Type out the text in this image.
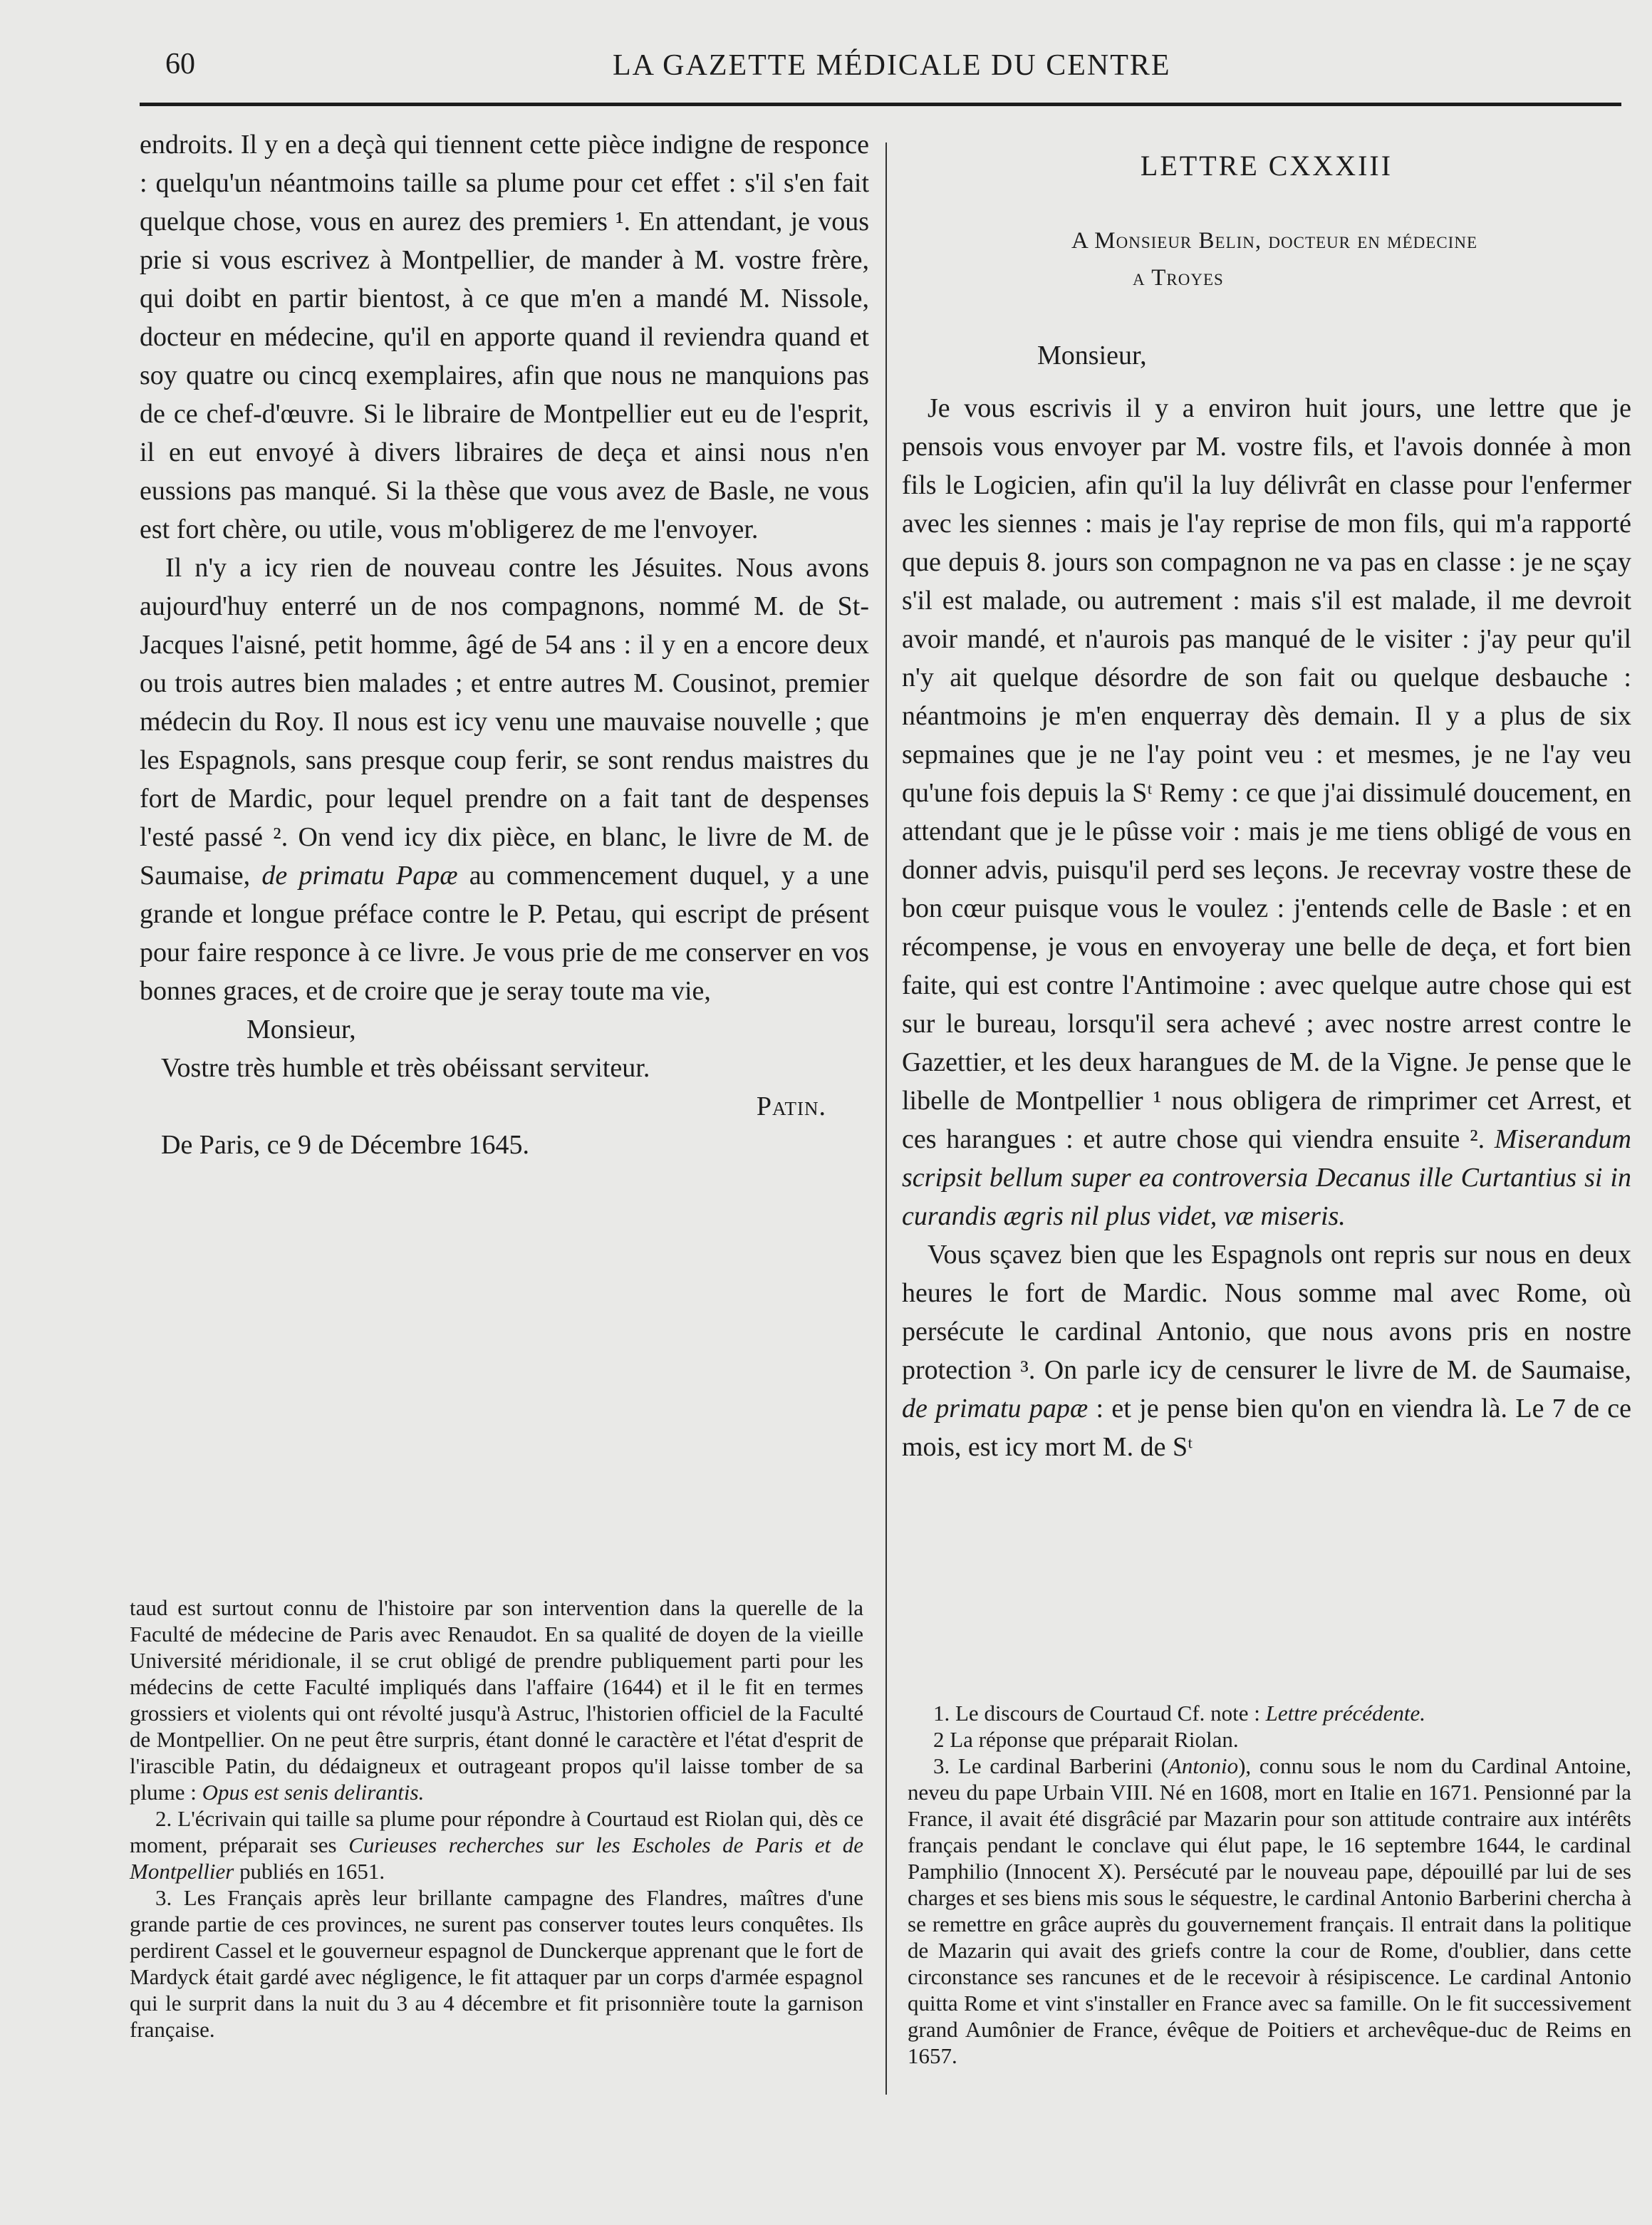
60	LA GAZETTE MÉDICALE DU CENTRE

endroits. Il y en a deçà qui tiennent cette pièce indigne de responce : quelqu'un néantmoins taille sa plume pour cet effet : s'il s'en fait quelque chose, vous en aurez des premiers ¹. En attendant, je vous prie si vous escrivez à Montpellier, de mander à M. vostre frère, qui doibt en partir bientost, à ce que m'en a mandé M. Nissole, docteur en médecine, qu'il en apporte quand il reviendra quand et soy quatre ou cincq exemplaires, afin que nous ne manquions pas de ce chef-d'œuvre. Si le libraire de Montpellier eut eu de l'esprit, il en eut envoyé à divers libraires de deça et ainsi nous n'en eussions pas manqué. Si la thèse que vous avez de Basle, ne vous est fort chère, ou utile, vous m'obligerez de me l'envoyer.

Il n'y a icy rien de nouveau contre les Jésuites. Nous avons aujourd'huy enterré un de nos compagnons, nommé M. de St-Jacques l'aisné, petit homme, âgé de 54 ans : il y en a encore deux ou trois autres bien malades ; et entre autres M. Cousinot, premier médecin du Roy. Il nous est icy venu une mauvaise nouvelle ; que les Espagnols, sans presque coup ferir, se sont rendus maistres du fort de Mardic, pour lequel prendre on a fait tant de despenses l'esté passé ². On vend icy dix pièce, en blanc, le livre de M. de Saumaise, de primatu Papæ au commencement duquel, y a une grande et longue préface contre le P. Petau, qui escript de présent pour faire responce à ce livre. Je vous prie de me conserver en vos bonnes graces, et de croire que je seray toute ma vie,

Monsieur,

Vostre très humble et très obéissant serviteur.

Patin.

De Paris, ce 9 de Décembre 1645.

taud est surtout connu de l'histoire par son intervention dans la querelle de la Faculté de médecine de Paris avec Renaudot. En sa qualité de doyen de la vieille Université méridionale, il se crut obligé de prendre publiquement parti pour les médecins de cette Faculté impliqués dans l'affaire (1644) et il le fit en termes grossiers et violents qui ont révolté jusqu'à Astruc, l'historien officiel de la Faculté de Montpellier. On ne peut être surpris, étant donné le caractère et l'état d'esprit de l'irascible Patin, du dédaigneux et outrageant propos qu'il laisse tomber de sa plume : Opus est senis delirantis.

2. L'écrivain qui taille sa plume pour répondre à Courtaud est Riolan qui, dès ce moment, préparait ses Curieuses recherches sur les Escholes de Paris et de Montpellier publiés en 1651.

3. Les Français après leur brillante campagne des Flandres, maîtres d'une grande partie de ces provinces, ne surent pas conserver toutes leurs conquêtes. Ils perdirent Cassel et le gouverneur espagnol de Dunckerque apprenant que le fort de Mardyck était gardé avec négligence, le fit attaquer par un corps d'armée espagnol qui le surprit dans la nuit du 3 au 4 décembre et fit prisonnière toute la garnison française.

LETTRE CXXXIII
A Monsieur Belin, docteur en médecine
a Troyes
Monsieur,

Je vous escrivis il y a environ huit jours, une lettre que je pensois vous envoyer par M. vostre fils, et l'avois donnée à mon fils le Logicien, afin qu'il la luy délivrât en classe pour l'enfermer avec les siennes : mais je l'ay reprise de mon fils, qui m'a rapporté que depuis 8. jours son compagnon ne va pas en classe : je ne sçay s'il est malade, ou autrement : mais s'il est malade, il me devroit avoir mandé, et n'aurois pas manqué de le visiter : j'ay peur qu'il n'y ait quelque désordre de son fait ou quelque desbauche : néantmoins je m'en enquerray dès demain. Il y a plus de six sepmaines que je ne l'ay point veu : et mesmes, je ne l'ay veu qu'une fois depuis la Sᵗ Remy : ce que j'ai dissimulé doucement, en attendant que je le pûsse voir : mais je me tiens obligé de vous en donner advis, puisqu'il perd ses leçons. Je recevray vostre these de bon cœur puisque vous le voulez : j'entends celle de Basle : et en récompense, je vous en envoyeray une belle de deça, et fort bien faite, qui est contre l'Antimoine : avec quelque autre chose qui est sur le bureau, lorsqu'il sera achevé ; avec nostre arrest contre le Gazettier, et les deux harangues de M. de la Vigne. Je pense que le libelle de Montpellier ¹ nous obligera de rimprimer cet Arrest, et ces harangues : et autre chose qui viendra ensuite ². Miserandum scripsit bellum super ea controversia Decanus ille Curtantius si in curandis ægris nil plus videt, væ miseris.

Vous sçavez bien que les Espagnols ont repris sur nous en deux heures le fort de Mardic. Nous somme mal avec Rome, où persécute le cardinal Antonio, que nous avons pris en nostre protection ³. On parle icy de censurer le livre de M. de Saumaise, de primatu papæ : et je pense bien qu'on en viendra là. Le 7 de ce mois, est icy mort M. de Sᵗ

1. Le discours de Courtaud Cf. note : Lettre précédente.

2 La réponse que préparait Riolan.

3. Le cardinal Barberini (Antonio), connu sous le nom du Cardinal Antoine, neveu du pape Urbain VIII. Né en 1608, mort en Italie en 1671. Pensionné par la France, il avait été disgrâcié par Mazarin pour son attitude contraire aux intérêts français pendant le conclave qui élut pape, le 16 septembre 1644, le cardinal Pamphilio (Innocent X). Persécuté par le nouveau pape, dépouillé par lui de ses charges et ses biens mis sous le séquestre, le cardinal Antonio Barberini chercha à se remettre en grâce auprès du gouvernement français. Il entrait dans la politique de Mazarin qui avait des griefs contre la cour de Rome, d'oublier, dans cette circonstance ses rancunes et de le recevoir à résipiscence. Le cardinal Antonio quitta Rome et vint s'installer en France avec sa famille. On le fit successivement grand Aumônier de France, évêque de Poitiers et archevêque-duc de Reims en 1657.
